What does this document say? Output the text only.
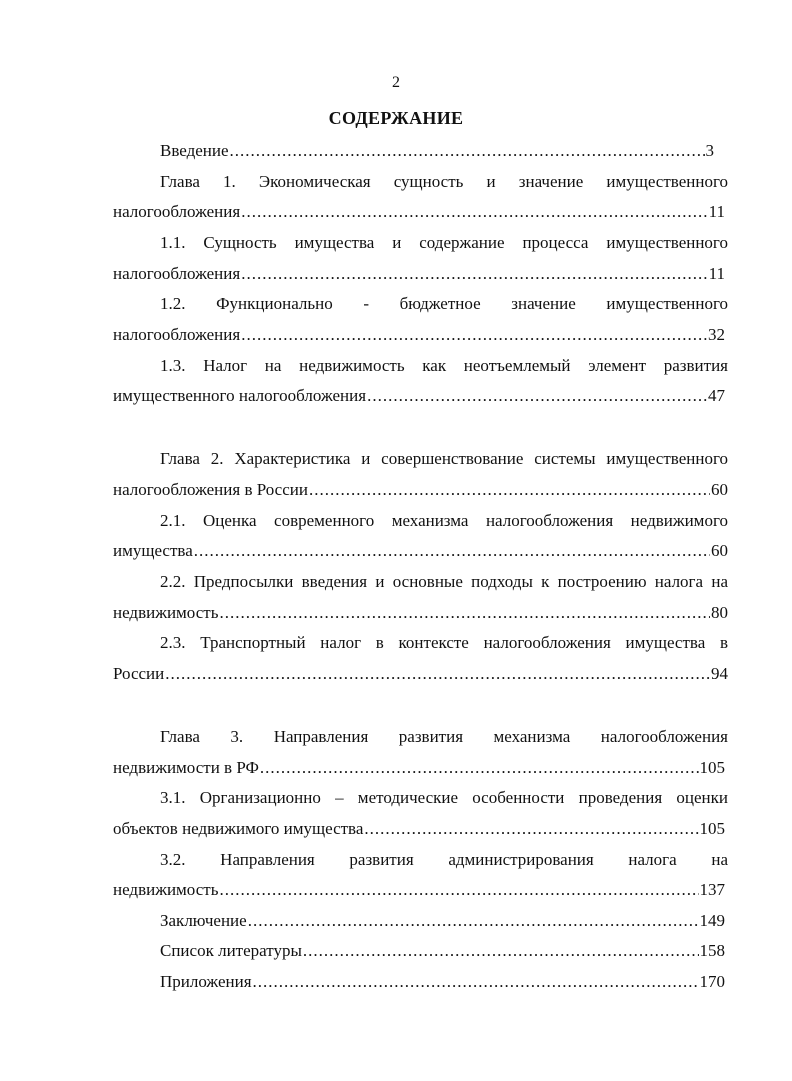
2
СОДЕРЖАНИЕ
Введение .....	3
Глава 1. Экономическая сущность и значение имущественного
налогообложения .....	11
1.1. Сущность имущества и содержание процесса имущественного
налогообложения .....	11
1.2. Функционально - бюджетное значение имущественного
налогообложения .....	32
1.3. Налог на недвижимость как неотъемлемый элемент развития
имущественного налогообложения .....	47
Глава 2. Характеристика и совершенствование системы имущественного
налогообложения в России .....	60
2.1. Оценка современного механизма налогообложения недвижимого
имущества .....	60
2.2. Предпосылки введения и основные подходы к построению налога на
недвижимость .....	80
2.3. Транспортный налог в контексте налогообложения имущества в
России .....	94
Глава 3. Направления развития механизма налогообложения
недвижимости в РФ .....	105
3.1. Организационно – методические особенности проведения оценки
объектов недвижимого имущества .....	105
3.2. Направления развития администрирования налога на
недвижимость .....	137
Заключение .....	149
Список литературы .....	158
Приложения .....	170
